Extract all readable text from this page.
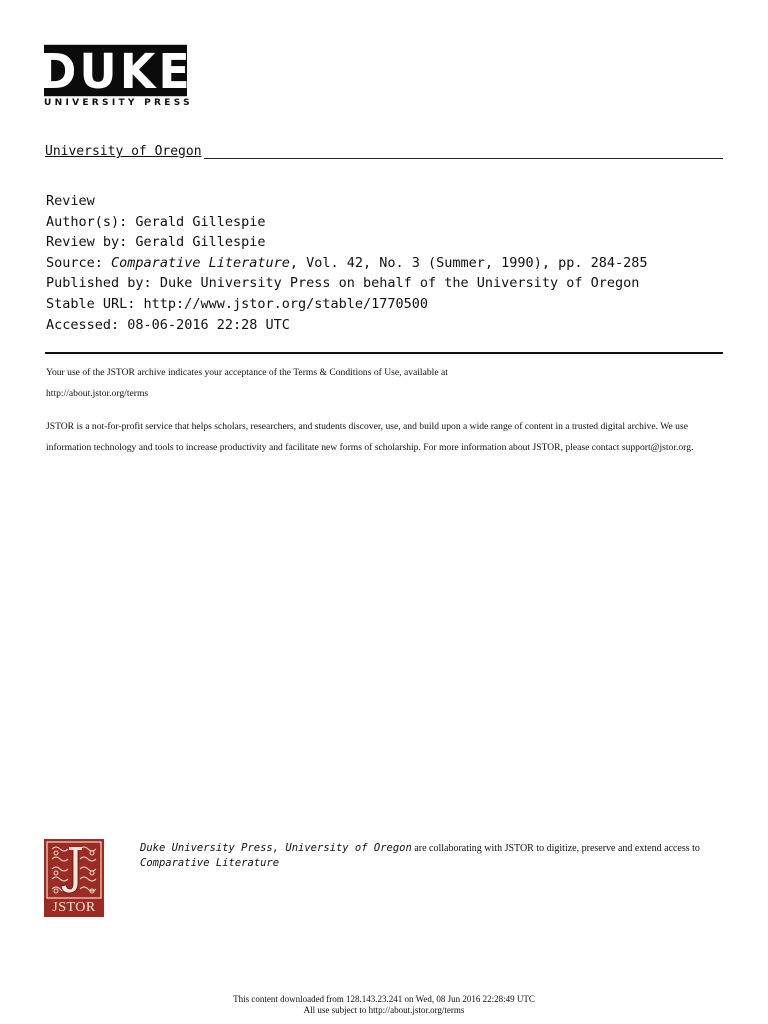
DUKE
UNIVERSITY PRESS
University of Oregon
Review
Author(s): Gerald Gillespie
Review by: Gerald Gillespie
Source: Comparative Literature, Vol. 42, No. 3 (Summer, 1990), pp. 284-285
Published by: Duke University Press on behalf of the University of Oregon
Stable URL: http://www.jstor.org/stable/1770500
Accessed: 08-06-2016 22:28 UTC

Your use of the JSTOR archive indicates your acceptance of the Terms & Conditions of Use, available at

http://about.jstor.org/terms

JSTOR is a not-for-profit service that helps scholars, researchers, and students discover, use, and build upon a wide range of content in a trusted digital archive. We use information technology and tools to increase productivity and facilitate new forms of scholarship. For more information about JSTOR, please contact support@jstor.org.

JSTOR
Duke University Press, University of Oregon are collaborating with JSTOR to digitize, preserve and extend access to Comparative Literature
This content downloaded from 128.143.23.241 on Wed, 08 Jun 2016 22:28:49 UTC
All use subject to http://about.jstor.org/terms
